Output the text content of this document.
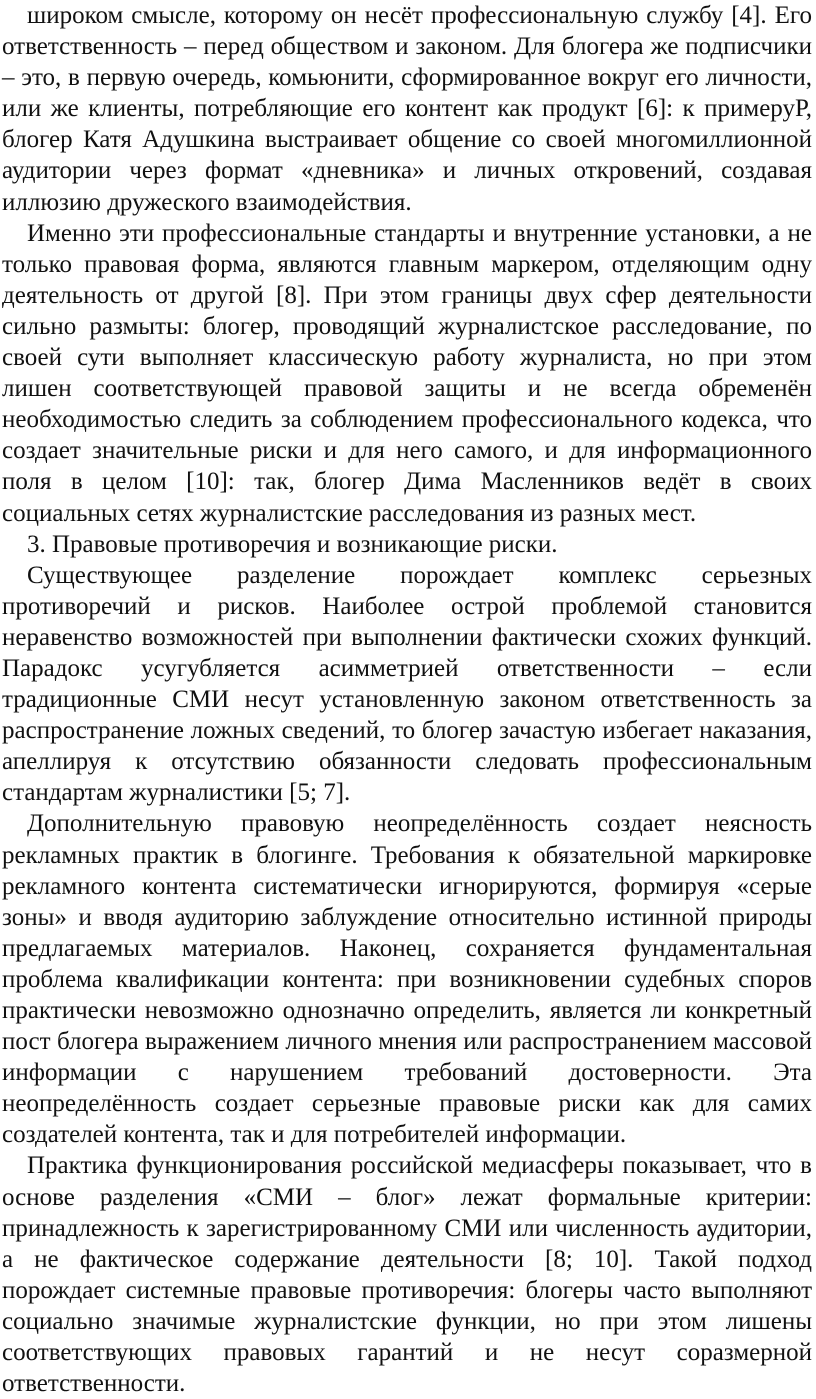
широком смысле, которому он несёт профессиональную службу [4]. Его ответственность – перед обществом и законом. Для блогера же подписчики – это, в первую очередь, комьюнити, сформированное вокруг его личности, или же клиенты, потребляющие его контент как продукт [6]: к примеруР, блогер Катя Адушкина выстраивает общение со своей многомиллионной аудитории через формат «дневника» и личных откровений, создавая иллюзию дружеского взаимодействия.

Именно эти профессиональные стандарты и внутренние установки, а не только правовая форма, являются главным маркером, отделяющим одну деятельность от другой [8]. При этом границы двух сфер деятельности сильно размыты: блогер, проводящий журналистское расследование, по своей сути выполняет классическую работу журналиста, но при этом лишен соответствующей правовой защиты и не всегда обременён необходимостью следить за соблюдением профессионального кодекса, что создает значительные риски и для него самого, и для информационного поля в целом [10]: так, блогер Дима Масленников ведёт в своих социальных сетях журналистские расследования из разных мест.

3. Правовые противоречия и возникающие риски.

Существующее разделение порождает комплекс серьезных противоречий и рисков. Наиболее острой проблемой становится неравенство возможностей при выполнении фактически схожих функций. Парадокс усугубляется асимметрией ответственности – если традиционные СМИ несут установленную законом ответственность за распространение ложных сведений, то блогер зачастую избегает наказания, апеллируя к отсутствию обязанности следовать профессиональным стандартам журналистики [5; 7].

Дополнительную правовую неопределённость создает неясность рекламных практик в блогинге. Требования к обязательной маркировке рекламного контента систематически игнорируются, формируя «серые зоны» и вводя аудиторию заблуждение относительно истинной природы предлагаемых материалов. Наконец, сохраняется фундаментальная проблема квалификации контента: при возникновении судебных споров практически невозможно однозначно определить, является ли конкретный пост блогера выражением личного мнения или распространением массовой информации с нарушением требований достоверности. Эта неопределённость создает серьезные правовые риски как для самих создателей контента, так и для потребителей информации.

Практика функционирования российской медиасферы показывает, что в основе разделения «СМИ – блог» лежат формальные критерии: принадлежность к зарегистрированному СМИ или численность аудитории, а не фактическое содержание деятельности [8; 10]. Такой подход порождает системные правовые противоречия: блогеры часто выполняют социально значимые журналистские функции, но при этом лишены соответствующих правовых гарантий и не несут соразмерной ответственности.
